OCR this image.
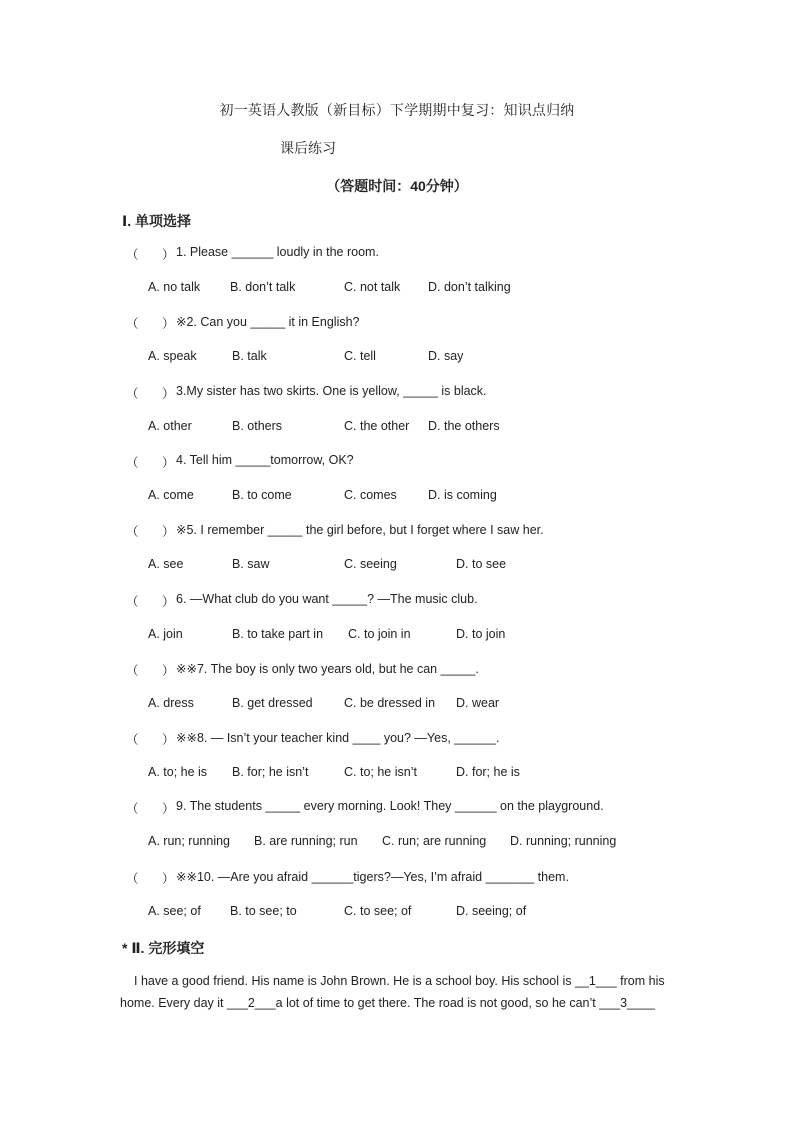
初一英语人教版（新目标）下学期期中复习：知识点归纳
课后练习
（答题时间：40分钟）
Ⅰ. 单项选择
（ ） 1. Please ______ loudly in the room.
A. no talk B. don’t talk	C. not talk D. don’t talking
（ ） ※2. Can you _____ it in English?
A. speak	B. talk	C. tell	D. say
（ ） 3.My sister has two skirts. One is yellow, _____ is black.
A. other	B. others	C. the other D. the others
（ ） 4. Tell him _____tomorrow, OK?
A. come	B. to come	C. comes D. is coming
（ ） ※5. I remember _____ the girl before, but I forget where I saw her.
A. see	B. saw	C. seeing	D. to see
（ ） 6. —What club do you want _____? —The music club.
A. join	B. to take part in C. to join in	D. to join
（ ） ※※7. The boy is only two years old, but he can _____.
A. dress	B. get dressed	C. be dressed in D. wear
（ ） ※※8. — Isn’t your teacher kind ____ you? —Yes, ______.
A. to; he is B. for; he isn’t	C. to; he isn’t	D. for; he is
（ ） 9. The students _____ every morning. Look! They ______ on the playground.
A. run; running B. are running; run C. run; are running D. running; running
（ ） ※※10. —Are you afraid ______tigers?—Yes, I’m afraid _______ them.
A. see; of B. to see; to	C. to see; of	D. seeing; of
* Ⅱ. 完形填空
I have a good friend. His name is John Brown. He is a school boy. His school is __1___ from his home. Every day it ___2___a lot of time to get there. The road is not good, so he can’t ___3____
